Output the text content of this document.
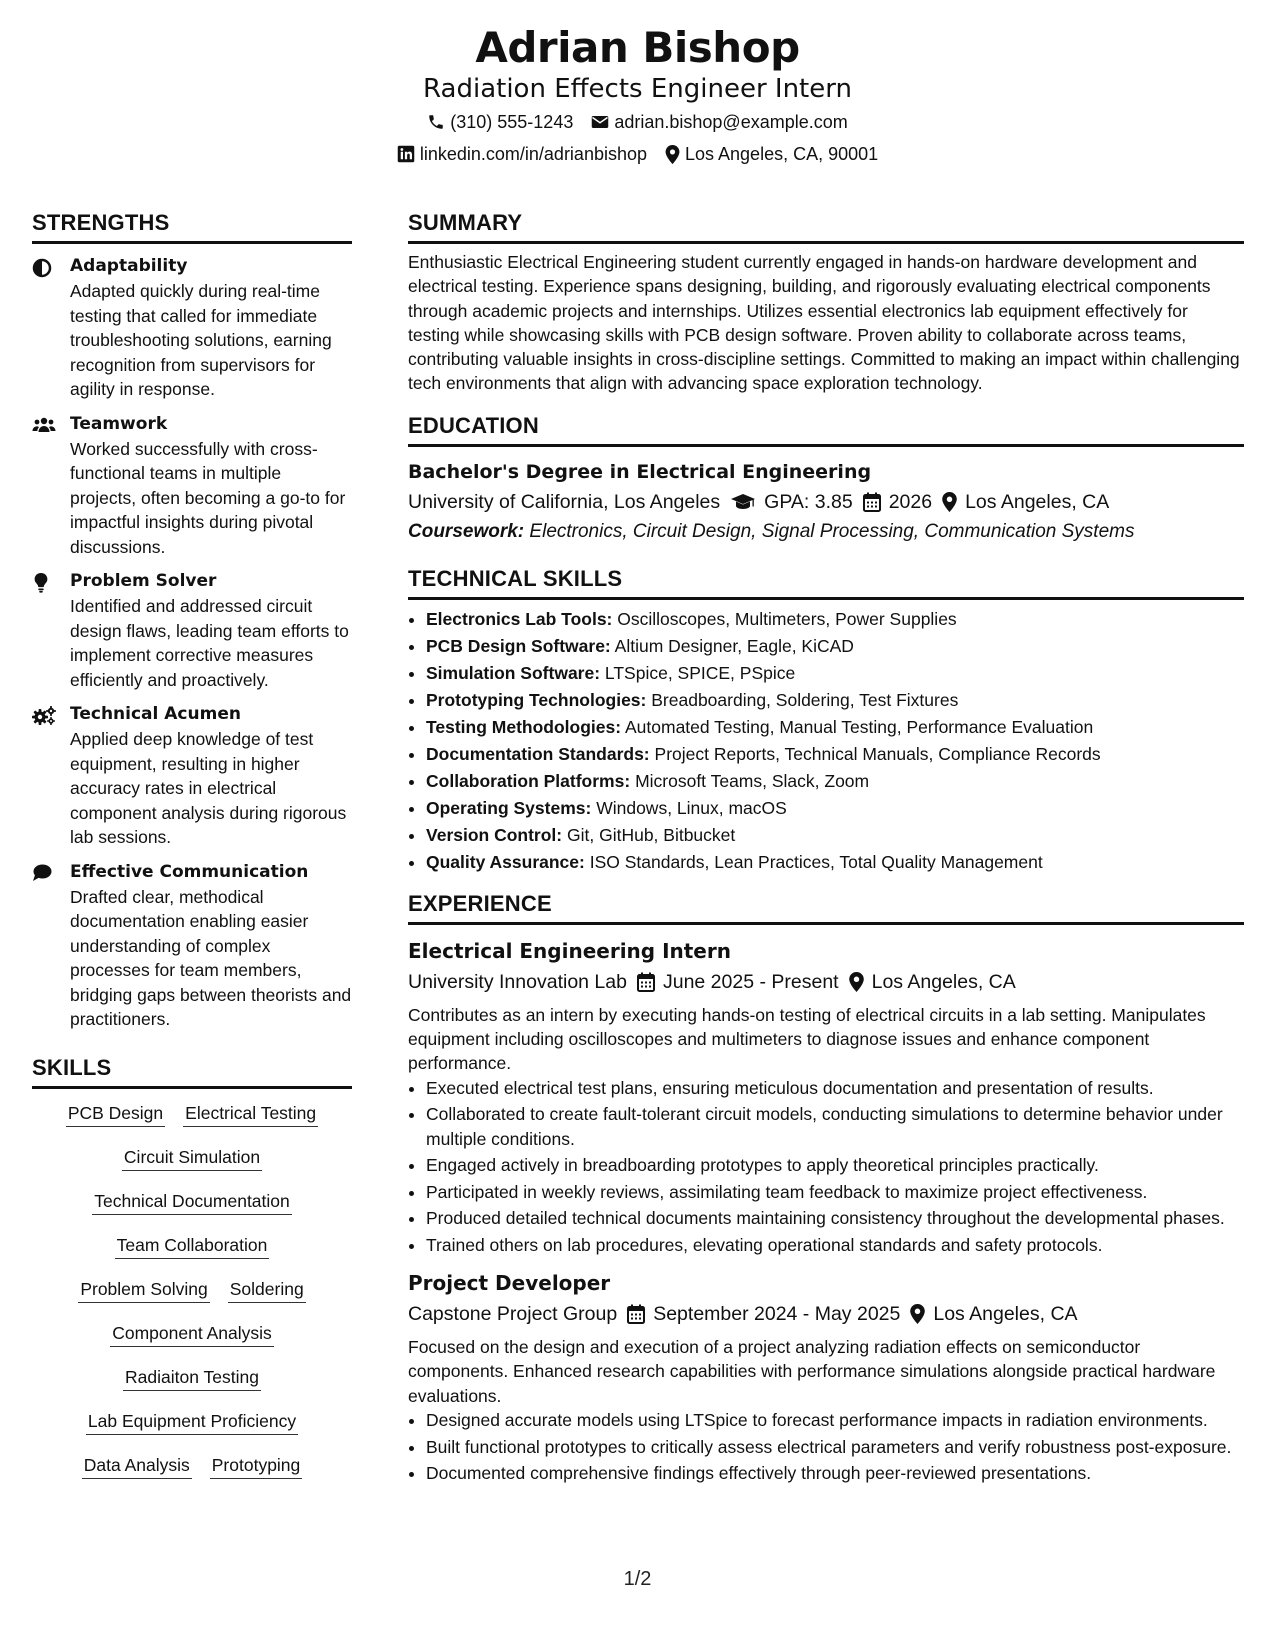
Adrian Bishop
Radiation Effects Engineer Intern
(310) 555-1243 adrian.bishop@example.com
linkedin.com/in/adrianbishop Los Angeles, CA, 90001
STRENGTHS
Adaptability
Adapted quickly during real-time testing that called for immediate troubleshooting solutions, earning recognition from supervisors for agility in response.
Teamwork
Worked successfully with cross-functional teams in multiple projects, often becoming a go-to for impactful insights during pivotal discussions.
Problem Solver
Identified and addressed circuit design flaws, leading team efforts to implement corrective measures efficiently and proactively.
Technical Acumen
Applied deep knowledge of test equipment, resulting in higher accuracy rates in electrical component analysis during rigorous lab sessions.
Effective Communication
Drafted clear, methodical documentation enabling easier understanding of complex processes for team members, bridging gaps between theorists and practitioners.
SKILLS
PCB Design Electrical Testing
Circuit Simulation
Technical Documentation
Team Collaboration
Problem Solving Soldering
Component Analysis
Radiaiton Testing
Lab Equipment Proficiency
Data Analysis Prototyping
SUMMARY
Enthusiastic Electrical Engineering student currently engaged in hands-on hardware development and electrical testing. Experience spans designing, building, and rigorously evaluating electrical components through academic projects and internships. Utilizes essential electronics lab equipment effectively for testing while showcasing skills with PCB design software. Proven ability to collaborate across teams, contributing valuable insights in cross-discipline settings. Committed to making an impact within challenging tech environments that align with advancing space exploration technology.
EDUCATION
Bachelor's Degree in Electrical Engineering
University of California, Los Angeles GPA: 3.85 2026 Los Angeles, CA
Coursework: Electronics, Circuit Design, Signal Processing, Communication Systems
TECHNICAL SKILLS
• Electronics Lab Tools: Oscilloscopes, Multimeters, Power Supplies
• PCB Design Software: Altium Designer, Eagle, KiCAD
• Simulation Software: LTSpice, SPICE, PSpice
• Prototyping Technologies: Breadboarding, Soldering, Test Fixtures
• Testing Methodologies: Automated Testing, Manual Testing, Performance Evaluation
• Documentation Standards: Project Reports, Technical Manuals, Compliance Records
• Collaboration Platforms: Microsoft Teams, Slack, Zoom
• Operating Systems: Windows, Linux, macOS
• Version Control: Git, GitHub, Bitbucket
• Quality Assurance: ISO Standards, Lean Practices, Total Quality Management
EXPERIENCE
Electrical Engineering Intern
University Innovation Lab June 2025 - Present Los Angeles, CA
Contributes as an intern by executing hands-on testing of electrical circuits in a lab setting. Manipulates equipment including oscilloscopes and multimeters to diagnose issues and enhance component performance.
• Executed electrical test plans, ensuring meticulous documentation and presentation of results.
• Collaborated to create fault-tolerant circuit models, conducting simulations to determine behavior under multiple conditions.
• Engaged actively in breadboarding prototypes to apply theoretical principles practically.
• Participated in weekly reviews, assimilating team feedback to maximize project effectiveness.
• Produced detailed technical documents maintaining consistency throughout the developmental phases.
• Trained others on lab procedures, elevating operational standards and safety protocols.
Project Developer
Capstone Project Group September 2024 - May 2025 Los Angeles, CA
Focused on the design and execution of a project analyzing radiation effects on semiconductor components. Enhanced research capabilities with performance simulations alongside practical hardware evaluations.
• Designed accurate models using LTSpice to forecast performance impacts in radiation environments.
• Built functional prototypes to critically assess electrical parameters and verify robustness post-exposure.
• Documented comprehensive findings effectively through peer-reviewed presentations.
1/2
